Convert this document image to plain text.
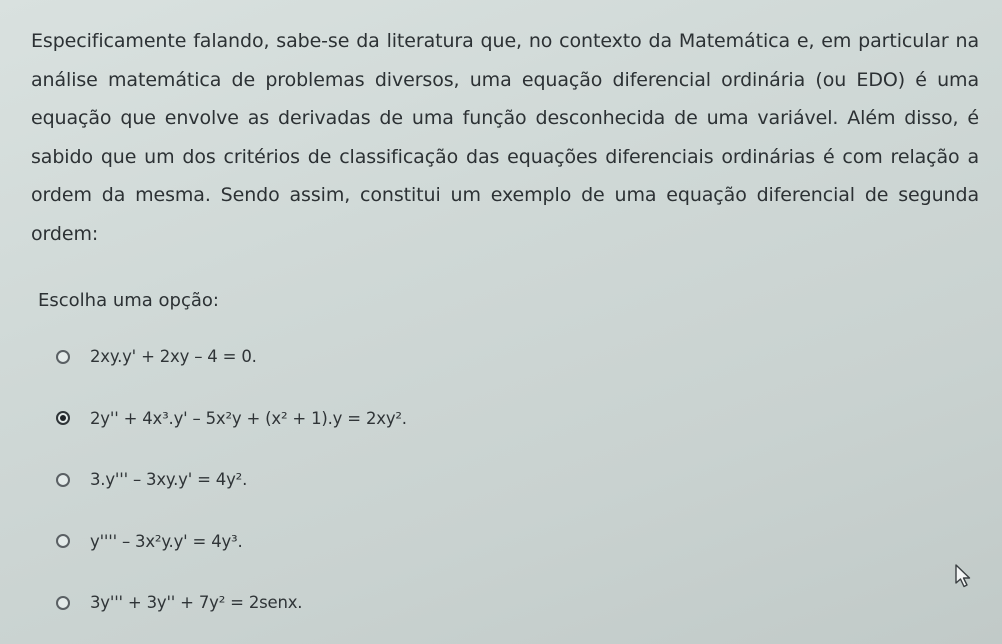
Especificamente falando, sabe-se da literatura que, no contexto da Matemática e, em particular na análise matemática de problemas diversos, uma equação diferencial ordinária (ou EDO) é uma equação que envolve as derivadas de uma função desconhecida de uma variável. Além disso, é sabido que um dos critérios de classificação das equações diferenciais ordinárias é com relação a ordem da mesma. Sendo assim, constitui um exemplo de uma equação diferencial de segunda ordem:

Escolha uma opção:

2xy.y' + 2xy – 4 = 0.
2y'' + 4x³.y' – 5x²y + (x² + 1).y = 2xy².
3.y''' – 3xy.y' = 4y².
y'''' – 3x²y.y' = 4y³.
3y''' + 3y'' + 7y² = 2senx.
